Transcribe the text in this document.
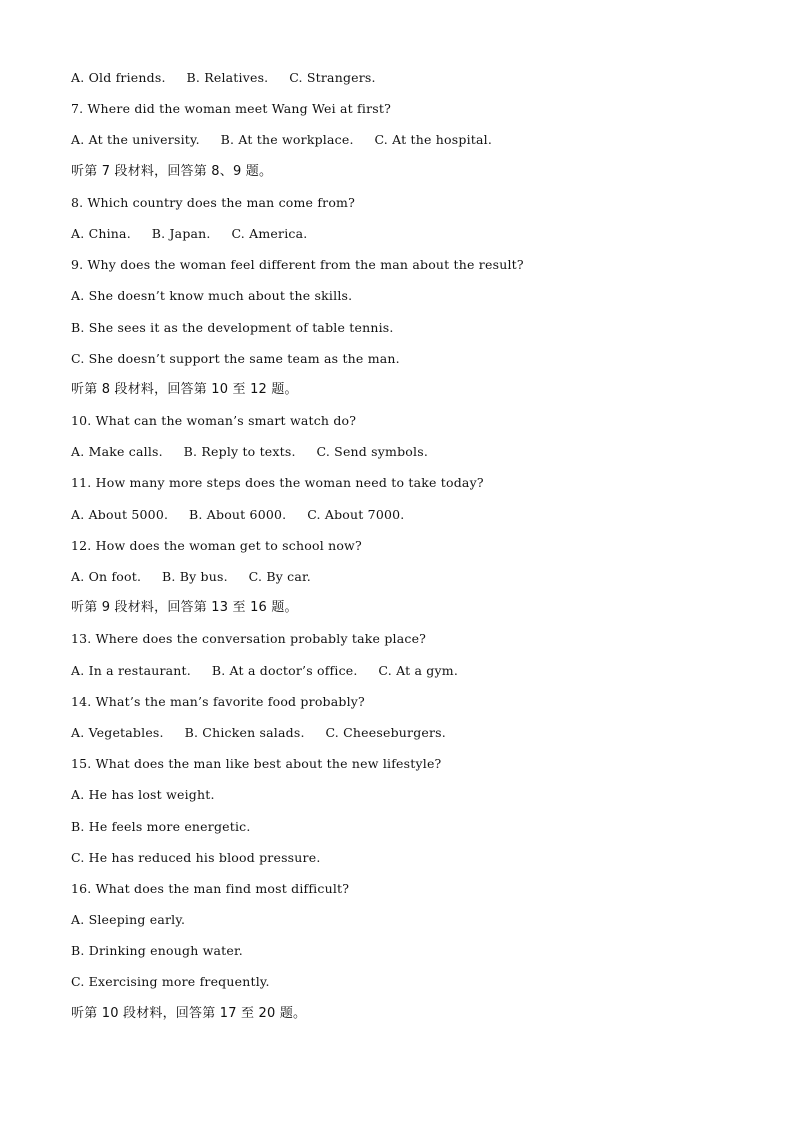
A. Old friends.     B. Relatives.     C. Strangers.
7. Where did the woman meet Wang Wei at first?
A. At the university.     B. At the workplace.     C. At the hospital.
听第 7 段材料，回答第 8、9 题。
8. Which country does the man come from?
A. China.     B. Japan.     C. America.
9. Why does the woman feel different from the man about the result?
A. She doesn’t know much about the skills.
B. She sees it as the development of table tennis.
C. She doesn’t support the same team as the man.
听第 8 段材料，回答第 10 至 12 题。
10. What can the woman’s smart watch do?
A. Make calls.     B. Reply to texts.     C. Send symbols.
11. How many more steps does the woman need to take today?
A. About 5000.     B. About 6000.     C. About 7000.
12. How does the woman get to school now?
A. On foot.     B. By bus.     C. By car.
听第 9 段材料，回答第 13 至 16 题。
13. Where does the conversation probably take place?
A. In a restaurant.     B. At a doctor’s office.     C. At a gym.
14. What’s the man’s favorite food probably?
A. Vegetables.     B. Chicken salads.     C. Cheeseburgers.
15. What does the man like best about the new lifestyle?
A. He has lost weight.
B. He feels more energetic.
C. He has reduced his blood pressure.
16. What does the man find most difficult?
A. Sleeping early.
B. Drinking enough water.
C. Exercising more frequently.
听第 10 段材料，回答第 17 至 20 题。
